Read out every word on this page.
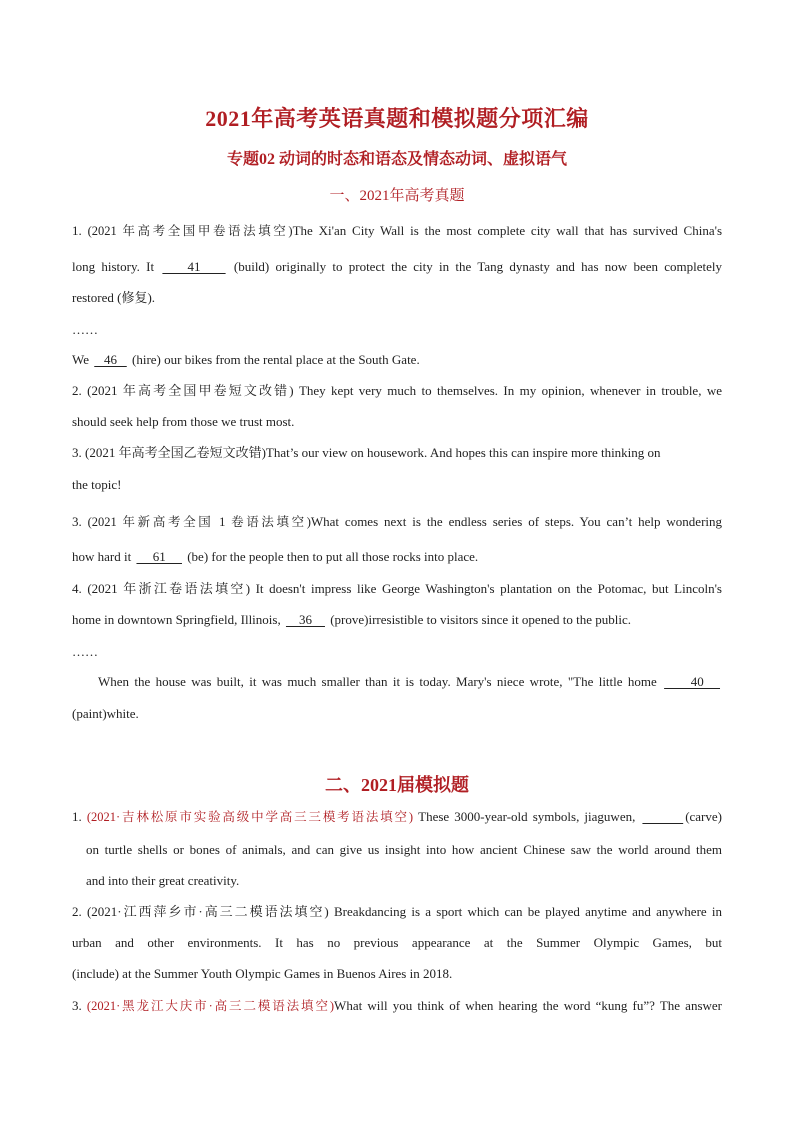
2021年高考英语真题和模拟题分项汇编
专题02 动词的时态和语态及情态动词、虚拟语气
一、2021年高考真题
1. (2021 年高考全国甲卷语法填空)The Xi'an City Wall is the most complete city wall that has survived China's
long history. It     41     (build) originally to protect the city in the Tang dynasty and has now been completely
restored (修复).
……
We    46    (hire) our bikes from the rental place at the South Gate.
2. (2021 年高考全国甲卷短文改错) They kept very much to themselves. In my opinion, whenever in trouble, we
should seek help from those we trust most.
3. (2021 年高考全国乙卷短文改错)That’s our view on housework. And hopes this can inspire more thinking on
the topic!
3. (2021 年新高考全国 1 卷语法填空)What comes next is the endless series of steps. You can’t help wondering
how hard it      61      (be) for the people then to put all those rocks into place.
4. (2021 年浙江卷语法填空) It doesn't impress like George Washington's plantation on the Potomac, but Lincoln's
home in downtown Springfield, Illinois,     36     (prove)irresistible to visitors since it opened to the public.
……
When the house was built, it was much smaller than it is today. Mary's niece wrote, "The little home      40
(paint)white.
二、2021届模拟题
1. (2021·吉林松原市实验高级中学高三三模考语法填空) These 3000-year-old symbols, jiaguwen,	(carve)
on turtle shells or bones of animals, and can give us insight into how ancient Chinese saw the world around them
and into their great creativity.
2. (2021·江西萍乡市·高三二模语法填空) Breakdancing is a sport which can be played anytime and anywhere in
urban and other environments. It has no previous appearance at the Summer Olympic Games, but
(include) at the Summer Youth Olympic Games in Buenos Aires in 2018.
3. (2021·黑龙江大庆市·高三二模语法填空)What will you think of when hearing the word “kung fu”? The answer
